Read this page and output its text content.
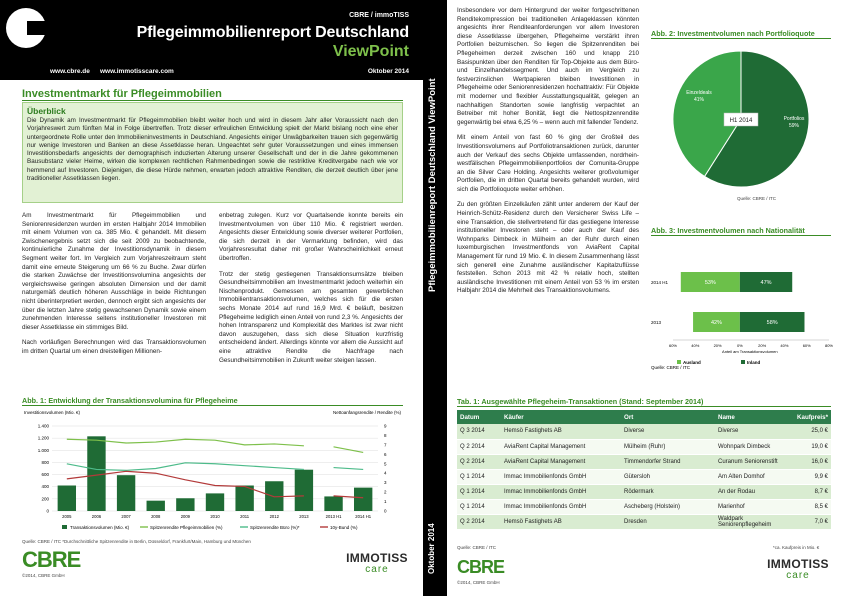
CBRE / immoTISS
Pflegeimmobilienreport Deutschland
ViewPoint
www.cbre.de www.immotisscare.com	Oktober 2014
Investmentmarkt für Pflegeimmobilien
Überblick

Die Dynamik am Investmentmarkt für Pflegeimmobilien bleibt weiter hoch und wird in diesem Jahr aller Voraussicht nach den Vorjahreswert zum fünften Mal in Folge übertreffen. Trotz dieser erfreulichen Entwicklung spielt der Markt bislang noch eine eher untergeordnete Rolle unter den Immobilieninvestments in Deutschland. Angesichts einiger Unwägbarkeiten trauen sich gegenwärtig nur wenige Investoren und Banken an diese Assetklasse heran. Ungeachtet sehr guter Voraussetzungen und eines immensen Investitionsbedarfs angesichts der demographisch induzierten Alterung unserer Gesellschaft und der in die Jahre gekommenen Bausubstanz vieler Heime, wirken die komplexen rechtlichen Rahmenbedingen sowie die restriktive Kreditvergabe nach wie vor hemmend auf Investoren. Diejenigen, die diese Hürde nehmen, erwarten jedoch attraktive Renditen, die derzeit deutlich über jene traditioneller Assetklassen liegen.

Am Investmentmarkt für Pflegeimmobilien und Seniorenresidenzen wurden im ersten Halbjahr 2014 Immobilien mit einem Volumen von ca. 385 Mio. € gehandelt. Mit diesem Zwischenergebnis setzt sich die seit 2009 zu beobachtende, kontinuierliche Zunahme der Investitionsdynamik in diesem Segment weiter fort. Im Vergleich zum Vorjahreszeitraum steht damit eine erneute Steigerung um 66 % zu Buche. Zwar dürfen die starken Zuwächse der Investitionsvolumina angesichts der vergleichsweise geringen absoluten Dimension und der damit naturgemäß deutlich höheren Ausschläge in beide Richtungen nicht überinterpretiert werden, dennoch ergibt sich angesichts der über die letzten Jahre stetig gewachsenen Dynamik sowie einem zunehmenden Interesse seitens institutioneller Investoren mit dieser Assetklasse ein stimmiges Bild.

Nach vorläufigen Berechnungen wird das Transaktionsvolumen im dritten Quartal um einen dreistelligen Millionen-

enbetrag zulegen. Kurz vor Quartalsende konnte bereits ein Investmentvolumen von über 110 Mio. € registriert werden. Angesichts dieser Entwicklung sowie diverser weiterer Portfolien, die sich derzeit in der Vermarktung befinden, wird das Vorjahresresultat daher mit großer Wahrscheinlichkeit erneut übertroffen.

Trotz der stetig gestiegenen Transaktionsumsätze bleiben Gesundheitsimmobilien am Investmentmarkt jedoch weiterhin ein Nischenprodukt. Gemessen am gesamten gewerblichen Immobilientransaktionsvolumen, welches sich für die ersten sechs Monate 2014 auf rund 16,9 Mrd. € beläuft, besitzen Pflegeheime lediglich einen Anteil von rund 2,3 %. Angesichts der hohen Intransparenz und Komplexität des Marktes ist zwar nicht davon auszugehen, dass sich diese Situation kurzfristig entscheidend ändert. Allerdings könnte vor allem die Aussicht auf eine attraktive Rendite die Nachfrage nach Gesundheitsimmobilien in Zukunft weiter steigen lassen.

Abb. 1: Entwicklung der Transaktionsvolumina für Pflegeheime
Investitionsvolumen (Mio. €)	Nettoanfangsrendite / Rendite (%)
0
200
400
600
800
1.000
1.200
1.400
0
1
2
3
4
5
6
7
8
9
2005	2006	2007	2008	2009	2010	2011	2012	2013	2013 H1	2014 H1
Transaktionsvolumen (Mio. €)	Spitzenrendite Pflegeimmobilien (%)	Spitzenrendite Büro (%)*	10y-Bund (%)
Quelle: CBRE / ITC *Durchschnittliche Spitzenrendite in Berlin, Düsseldorf, Frankfurt/Main, Hamburg und München
CBRE
©2014, CBRE GmbH
IMMOTISS
care
Pflegeimmobilienreport Deutschland ViewPoint
Oktober 2014

Insbesondere vor dem Hintergrund der weiter fortgeschrittenen Renditekompression bei traditionellen Anlageklassen könnten angesichts ihrer Renditeanforderungen vor allem Investoren diese Assetklasse übergehen, Pflegeheime verstärkt ihren Portfolien beizumischen. So liegen die Spitzenrenditen bei Pflegeheimen derzeit zwischen 160 und knapp 210 Basispunkten über den Renditen für Top-Objekte aus dem Büro- und Einzelhandelssegment. Und auch im Vergleich zu festverzinslichen Wertpapieren bleiben Investitionen in Pflegeheime oder Seniorenresidenzen hochattraktiv: Für Objekte mit moderner und flexibler Ausstattungsqualität, gelegen an nachhaltigen Standorten sowie langfristig verpachtet an Betreiber mit hoher Bonität, liegt die Nettospitzenrendite gegenwärtig bei etwa 6,25 % – wenn auch mit fallender Tendenz.

Mit einem Anteil von fast 60 % ging der Großteil des Investitionsvolumens auf Portfoliotransaktionen zurück, darunter auch der Verkauf des sechs Objekte umfassenden, nordrhein-westfälischen Pflegeimmobilienportfolios der Comunita-Gruppe an die Silver Care Holding. Angesichts weiterer großvolumiger Portfolien, die im dritten Quartal bereits gehandelt wurden, wird sich die Portfolioquote weiter erhöhen.

Zu den größten Einzelkäufen zählt unter anderem der Kauf der Heinrich-Schütz-Residenz durch den Versicherer Swiss Life – eine Transaktion, die stellvertretend für das gestiegene Interesse institutioneller Investoren steht – oder auch der Kauf des Wohnparks Dimbeck in Mülheim an der Ruhr durch einen luxemburgischen Investmentfonds von AviaRent Capital Management für rund 19 Mio. €. In diesem Zusammenhang lässt sich generell eine Zunahme ausländischer Kapitalzuflüsse feststellen. Schon 2013 mit 42 % relativ hoch, stellten ausländische Investitionen mit einem Anteil von 53 % im ersten Halbjahr 2014 die Mehrheit des Transaktionsvolumens.

Abb. 2: Investmentvolumen nach Portfolioquote
H1 2014	Portfolios
59%
Einzeldeals
41%
Quelle: CBRE / ITC
Abb. 3: Investmentvolumen nach Nationalität
2014 H1	53%	47%
2013	42%	58%
60%	40%	20%	0%	20%	40%	60%	80%
Anteil am Transaktionsvolumen
Ausland	Inland
Quelle: CBRE / ITC
Tab. 1: Ausgewählte Pflegeheim-Transaktionen (Stand: September 2014)
Datum	Käufer	Ort	Name	Kaufpreis*
Q 3 2014	Hemsö Fastighets AB	Diverse	Diverse	25,0 €
Q 2 2014	AviaRent Capital Management	Mülheim (Ruhr)	Wohnpark Dimbeck	19,0 €
Q 2 2014	AviaRent Capital Management	Timmendorfer Strand	Curanum Seniorenstift	16,0 €
Q 1 2014	Immac Immobilienfonds GmbH	Gütersloh	Am Alten Domhof	9,9 €
Q 1 2014	Immac Immobilienfonds GmbH	Rödermark	An der Rodau	8,7 €
Q 1 2014	Immac Immobilienfonds GmbH	Ascheberg (Holstein)	Marienhof	8,5 €
Q 2 2014	Hemsö Fastighets AB	Dresden	Waldpark Seniorenpflegeheim	7,0 €
Quelle: CBRE / ITC	*ca. Kaufpreis in Mio. €
CBRE
©2014, CBRE GmbH
IMMOTISS
care
